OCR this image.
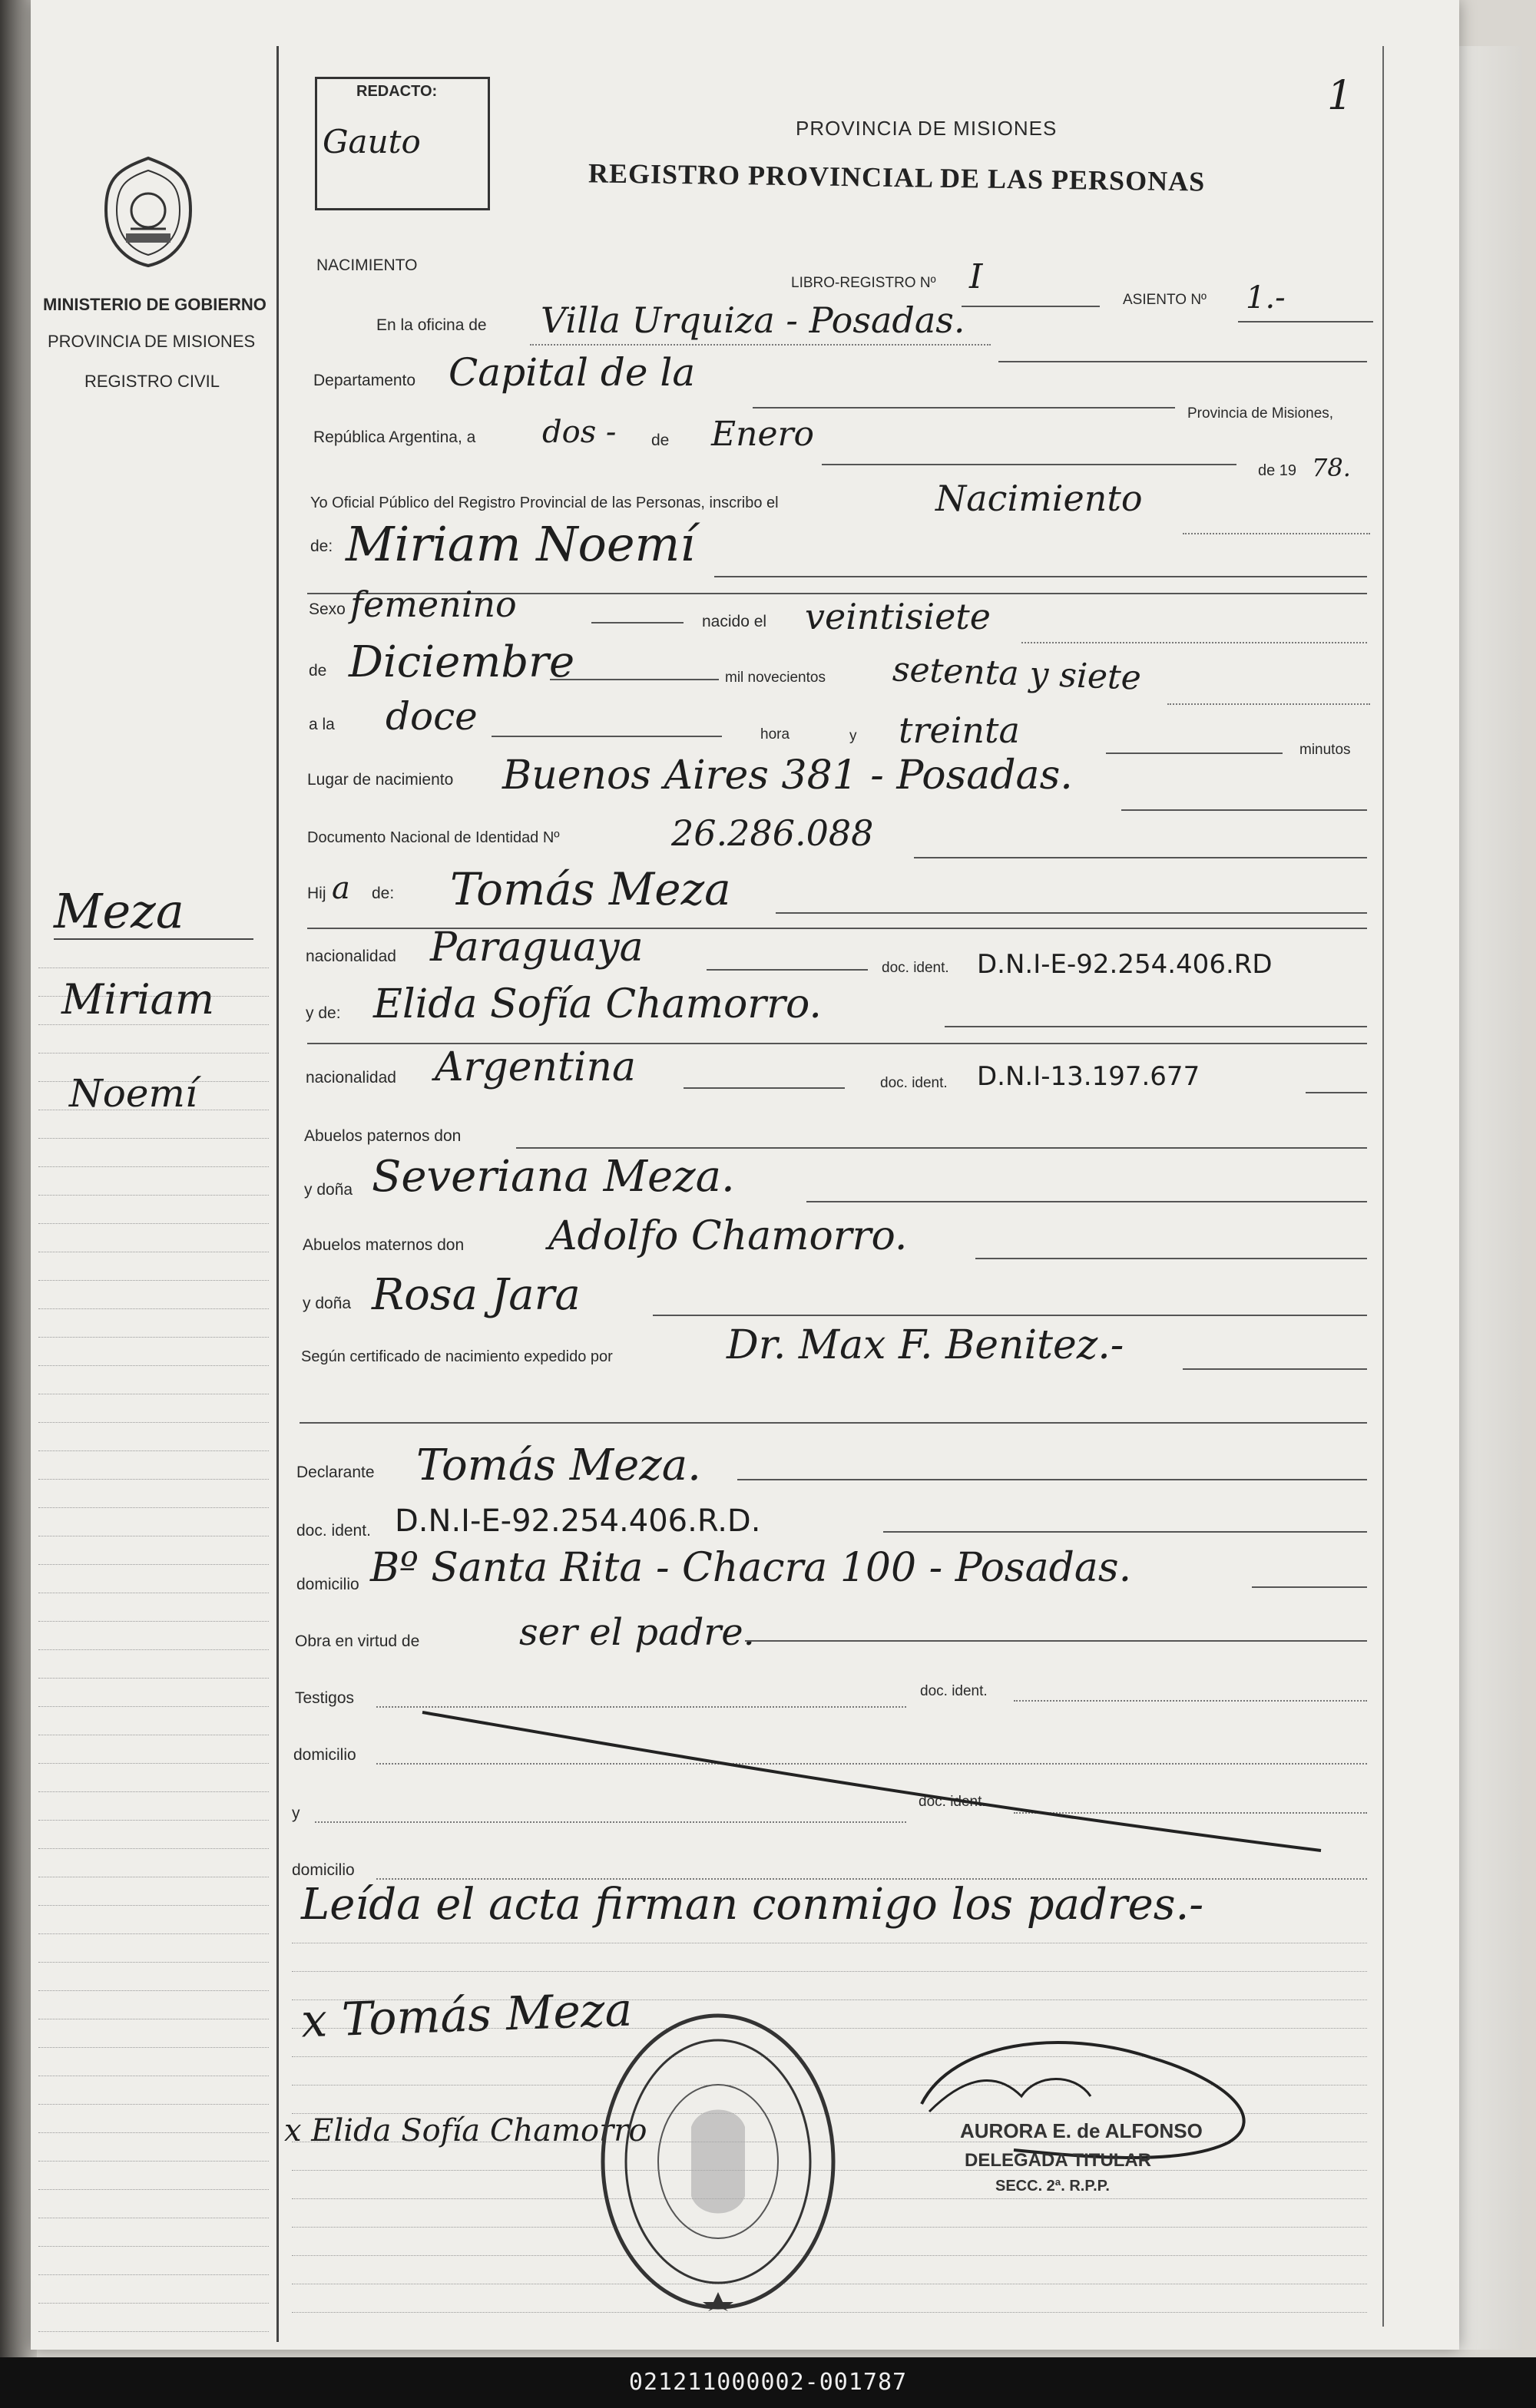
1
MINISTERIO DE GOBIERNO
PROVINCIA DE MISIONES
REGISTRO CIVIL
Meza
Miriam
Noemí
REDACTO:
Gauto	PROVINCIA DE MISIONES
REGISTRO PROVINCIAL DE LAS PERSONAS
NACIMIENTO
LIBRO-REGISTRO Nº I
ASIENTO Nº 1.-
En la oficina de Villa Urquiza - Posadas.
Departamento Capital de la
Provincia de Misiones,
República Argentina, a dos - de Enero
de 19 78.
Yo Oficial Público del Registro Provincial de las Personas, inscribo el	Nacimiento
de: Miriam Noemí
Sexo femenino	nacido el veintisiete
de Diciembre	mil novecientos setenta y siete
a la doce	hora	y treinta	minutos
Lugar de nacimiento Buenos Aires 381 - Posadas.
Documento Nacional de Identidad Nº	26.286.088
Hij a de: Tomás Meza
nacionalidad Paraguaya	doc. ident. D.N.I-E-92.254.406.RD
y de: Elida Sofía Chamorro.
nacionalidad Argentina	doc. ident. D.N.I-13.197.677
Abuelos paternos don
y doña Severiana Meza.
Abuelos maternos don Adolfo Chamorro.
y doña Rosa Jara
Según certificado de nacimiento expedido por	Dr. Max F. Benitez.-
Declarante Tomás Meza.
doc. ident. D.N.I-E-92.254.406.R.D.
domicilio Bº Santa Rita - Chacra 100 - Posadas.
Obra en virtud de	ser el padre.
Testigos	doc. ident.
domicilio
y
doc. ident.
domicilio
Leída el acta firman conmigo los padres.-
x Tomás Meza
x Elida Sofía Chamorro	AURORA E. de ALFONSO
DELEGADA TITULAR
SECC. 2ª. R.P.P.
021211000002-001787
